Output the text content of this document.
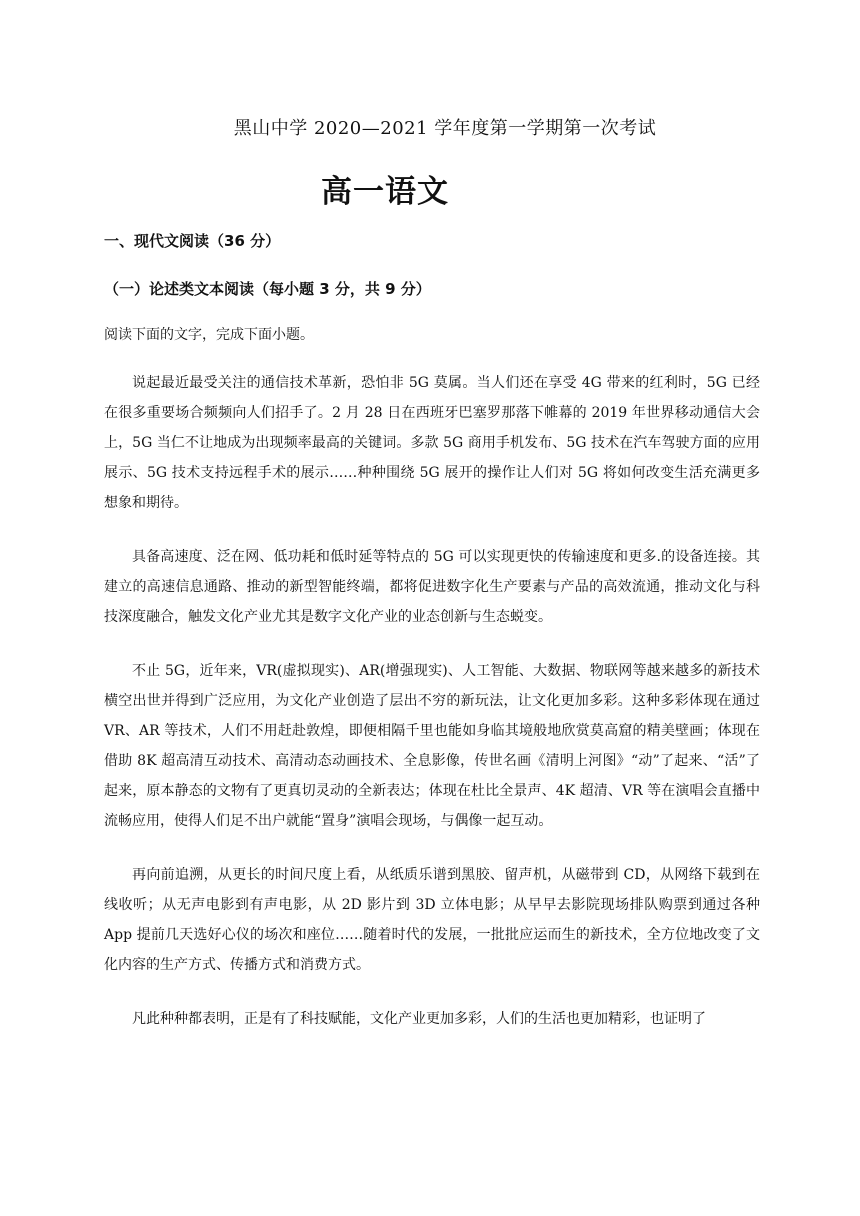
黑山中学 2020—2021 学年度第一学期第一次考试
高一语文
一、现代文阅读（36 分）
（一）论述类文本阅读（每小题 3 分，共 9 分）
阅读下面的文字，完成下面小题。

说起最近最受关注的通信技术革新，恐怕非 5G 莫属。当人们还在享受 4G 带来的红利时，5G 已经在很多重要场合频频向人们招手了。2 月 28 日在西班牙巴塞罗那落下帷幕的 2019 年世界移动通信大会上，5G 当仁不让地成为出现频率最高的关键词。多款 5G 商用手机发布、5G 技术在汽车驾驶方面的应用展示、5G 技术支持远程手术的展示……种种围绕 5G 展开的操作让人们对 5G 将如何改变生活充满更多想象和期待。

具备高速度、泛在网、低功耗和低时延等特点的 5G 可以实现更快的传输速度和更多.的设备连接。其建立的高速信息通路、推动的新型智能终端，都将促进数字化生产要素与产品的高效流通，推动文化与科技深度融合，触发文化产业尤其是数字文化产业的业态创新与生态蜕变。

不止 5G，近年来，VR(虚拟现实)、AR(增强现实)、人工智能、大数据、物联网等越来越多的新技术横空出世并得到广泛应用，为文化产业创造了层出不穷的新玩法，让文化更加多彩。这种多彩体现在通过 VR、AR 等技术，人们不用赶赴敦煌，即便相隔千里也能如身临其境般地欣赏莫高窟的精美壁画；体现在借助 8K 超高清互动技术、高清动态动画技术、全息影像，传世名画《清明上河图》“动”了起来、“活”了起来，原本静态的文物有了更真切灵动的全新表达；体现在杜比全景声、4K 超清、VR 等在演唱会直播中流畅应用，使得人们足不出户就能“置身”演唱会现场，与偶像一起互动。

再向前追溯，从更长的时间尺度上看，从纸质乐谱到黑胶、留声机，从磁带到 CD，从网络下载到在线收听；从无声电影到有声电影，从 2D 影片到 3D 立体电影；从早早去影院现场排队购票到通过各种 App 提前几天选好心仪的场次和座位……随着时代的发展，一批批应运而生的新技术，全方位地改变了文化内容的生产方式、传播方式和消费方式。

凡此种种都表明，正是有了科技赋能，文化产业更加多彩，人们的生活也更加精彩，也证明了
